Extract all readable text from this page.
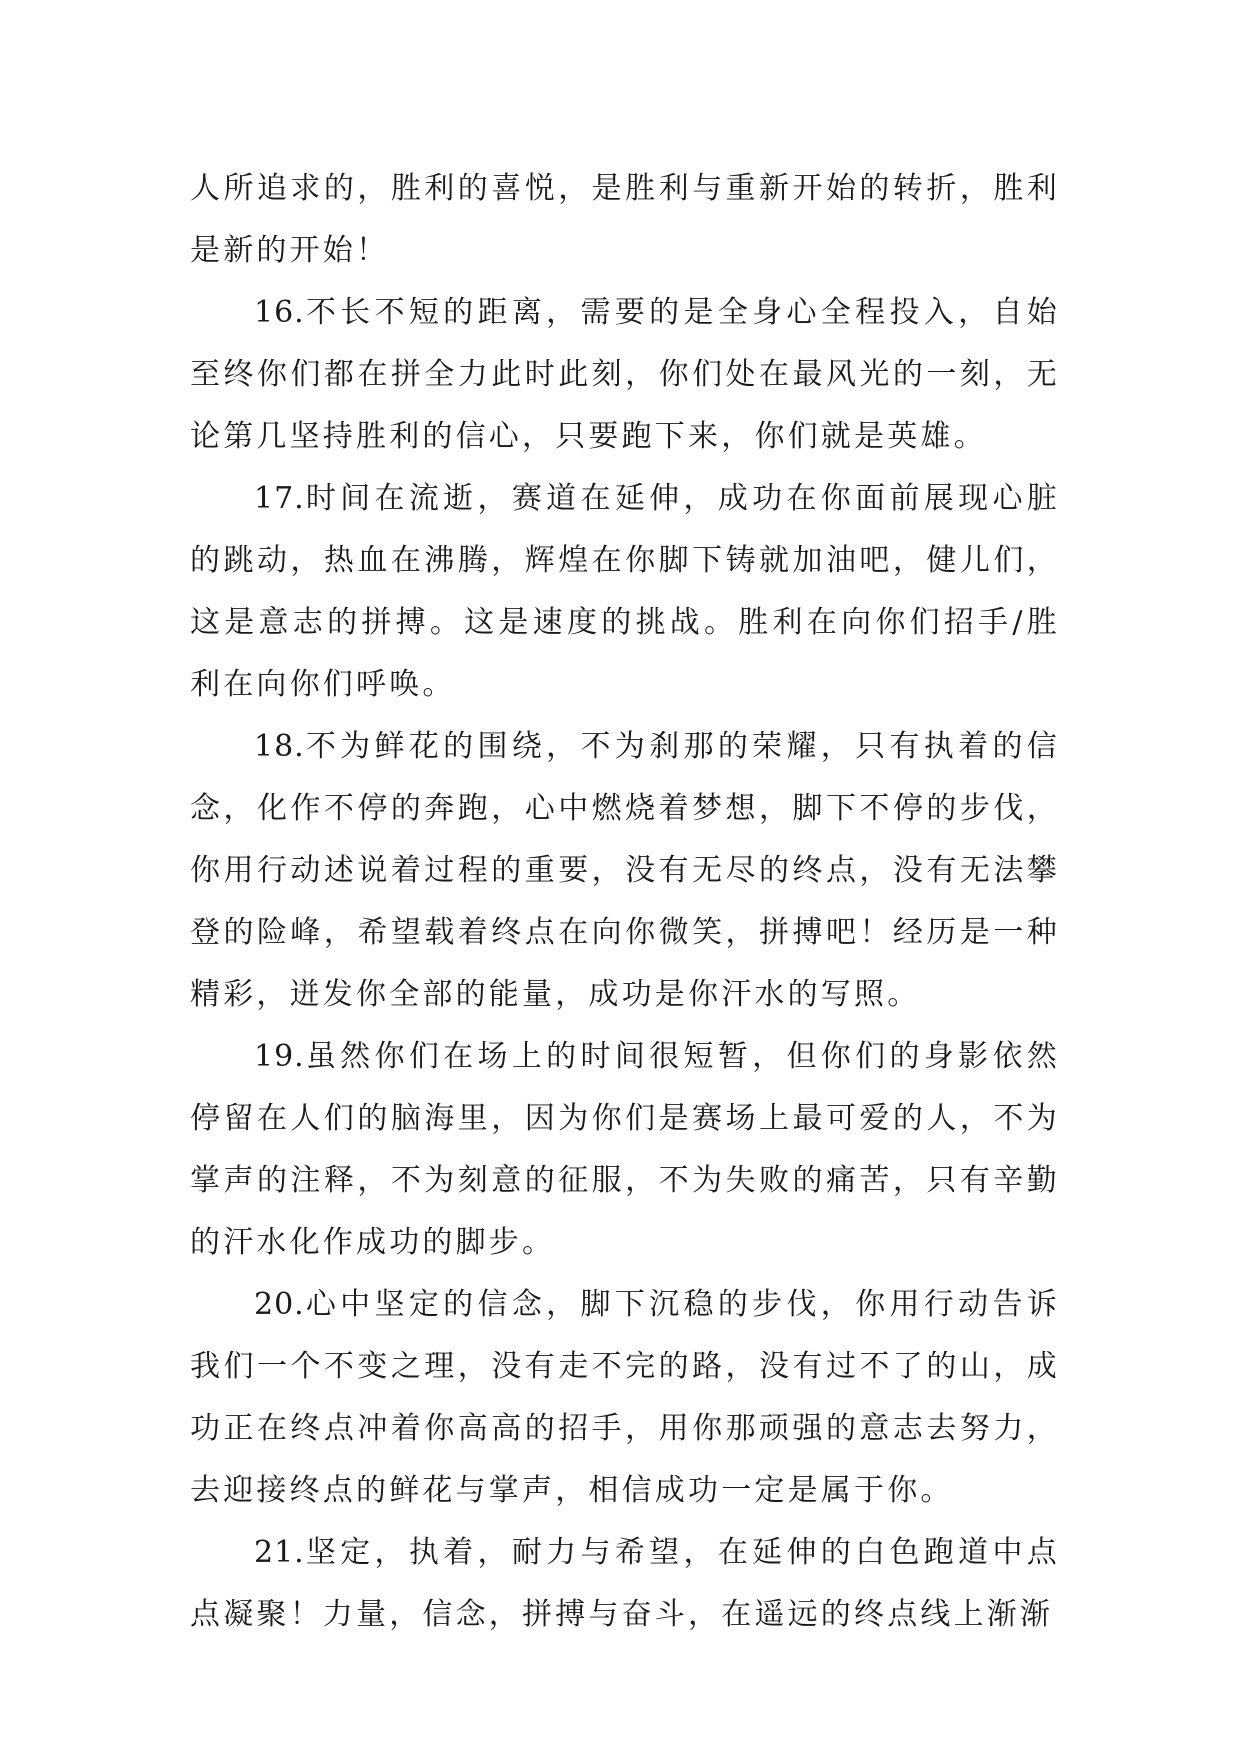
人所追求的，胜利的喜悦，是胜利与重新开始的转折，胜利是新的开始！

16.不长不短的距离，需要的是全身心全程投入，自始至终你们都在拼全力此时此刻，你们处在最风光的一刻，无论第几坚持胜利的信心，只要跑下来，你们就是英雄。

17.时间在流逝，赛道在延伸，成功在你面前展现心脏的跳动，热血在沸腾，辉煌在你脚下铸就加油吧，健儿们，这是意志的拼搏。这是速度的挑战。胜利在向你们招手/胜利在向你们呼唤。

18.不为鲜花的围绕，不为刹那的荣耀，只有执着的信念，化作不停的奔跑，心中燃烧着梦想，脚下不停的步伐，你用行动述说着过程的重要，没有无尽的终点，没有无法攀登的险峰，希望载着终点在向你微笑，拼搏吧！经历是一种精彩，迸发你全部的能量，成功是你汗水的写照。

19.虽然你们在场上的时间很短暂，但你们的身影依然停留在人们的脑海里，因为你们是赛场上最可爱的人，不为掌声的注释，不为刻意的征服，不为失败的痛苦，只有辛勤的汗水化作成功的脚步。

20.心中坚定的信念，脚下沉稳的步伐，你用行动告诉我们一个不变之理，没有走不完的路，没有过不了的山，成功正在终点冲着你高高的招手，用你那顽强的意志去努力，去迎接终点的鲜花与掌声，相信成功一定是属于你。

21.坚定，执着，耐力与希望，在延伸的白色跑道中点点凝聚！力量，信念，拼搏与奋斗，在遥远的终点线上渐渐
